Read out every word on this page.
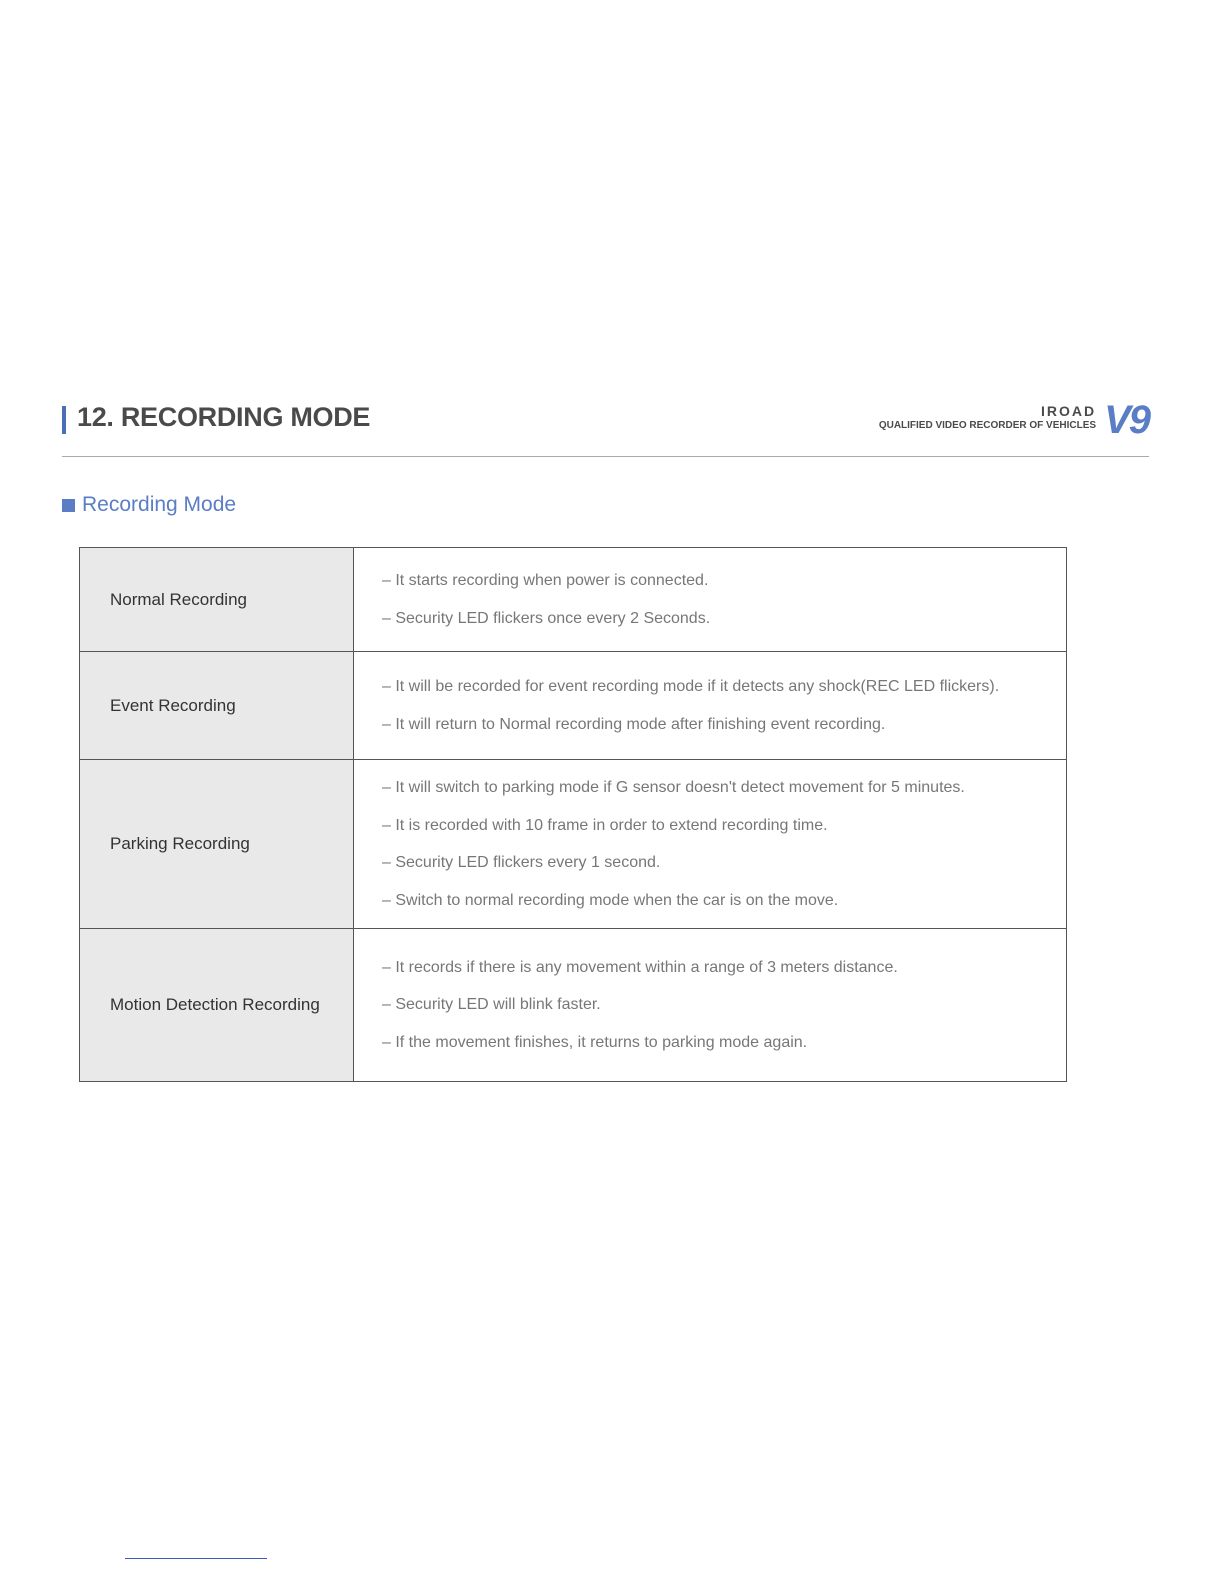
12. RECORDING MODE	IROAD
QUALIFIED VIDEO RECORDER OF VEHICLES V9
Recording Mode
Normal Recording	– It starts recording when power is connected.
– Security LED flickers once every 2 Seconds.

Event Recording	– It will be recorded for event recording mode if it detects any shock(REC LED flickers).
– It will return to Normal recording mode after finishing event recording.

Parking Recording	– It will switch to parking mode if G sensor doesn't detect movement for 5 minutes.
– It is recorded with 10 frame in order to extend recording time.
– Security LED flickers every 1 second.
– Switch to normal recording mode when the car is on the move.

Motion Detection Recording	– It records if there is any movement within a range of 3 meters distance.
– Security LED will blink faster.
– If the movement finishes, it returns to parking mode again.
